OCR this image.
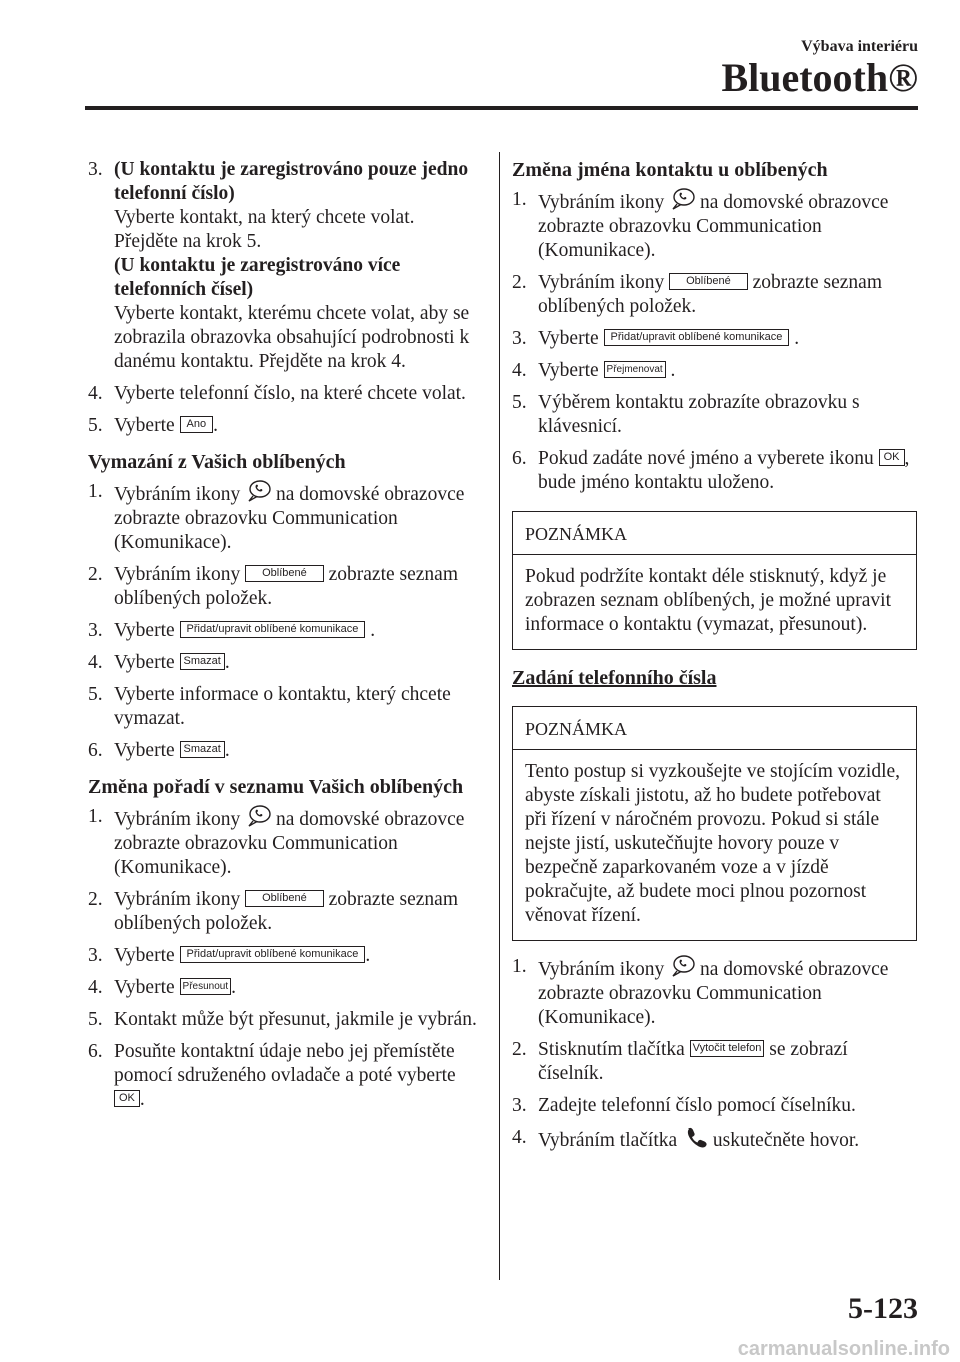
Výbava interiéru
Bluetooth®
3. (U kontaktu je zaregistrováno pouze jedno telefonní číslo)
Vyberte kontakt, na který chcete volat. Přejděte na krok 5.
(U kontaktu je zaregistrováno více telefonních čísel)
Vyberte kontakt, kterému chcete volat, aby se zobrazila obrazovka obsahující podrobnosti k danému kontaktu. Přejděte na krok 4.
4. Vyberte telefonní číslo, na které chcete volat.
5. Vyberte Ano .
Vymazání z Vašich oblíbených
1. Vybráním ikony na domovské obrazovce zobrazte obrazovku Communication (Komunikace).
2. Vybráním ikony Oblíbené zobrazte seznam oblíbených položek.
3. Vyberte Přidat/upravit oblíbené komunikace .
4. Vyberte Smazat .
5. Vyberte informace o kontaktu, který chcete vymazat.
6. Vyberte Smazat .
Změna pořadí v seznamu Vašich oblíbených
1. Vybráním ikony na domovské obrazovce zobrazte obrazovku Communication (Komunikace).
2. Vybráním ikony Oblíbené zobrazte seznam oblíbených položek.
3. Vyberte Přidat/upravit oblíbené komunikace .
4. Vyberte Přesunout .
5. Kontakt může být přesunut, jakmile je vybrán.
6. Posuňte kontaktní údaje nebo jej přemístěte pomocí sdruženého ovladače a poté vyberte OK .
Změna jména kontaktu u oblíbených
1. Vybráním ikony na domovské obrazovce zobrazte obrazovku Communication (Komunikace).
2. Vybráním ikony Oblíbené zobrazte seznam oblíbených položek.
3. Vyberte Přidat/upravit oblíbené komunikace .
4. Vyberte Přejmenovat .
5. Výběrem kontaktu zobrazíte obrazovku s klávesnicí.
6. Pokud zadáte nové jméno a vyberete ikonu OK , bude jméno kontaktu uloženo.
POZNÁMKA
Pokud podržíte kontakt déle stisknutý, když je zobrazen seznam oblíbených, je možné upravit informace o kontaktu (vymazat, přesunout).
Zadání telefonního čísla
POZNÁMKA
Tento postup si vyzkoušejte ve stojícím vozidle, abyste získali jistotu, až ho budete potřebovat při řízení v náročném provozu. Pokud si stále nejste jistí, uskutečňujte hovory pouze v bezpečně zaparkovaném voze a v jízdě pokračujte, až budete moci plnou pozornost věnovat řízení.
1. Vybráním ikony na domovské obrazovce zobrazte obrazovku Communication (Komunikace).
2. Stisknutím tlačítka Vytočit telefon se zobrazí číselník.
3. Zadejte telefonní číslo pomocí číselníku.
4. Vybráním tlačítka uskutečněte hovor.
5-123
carmanualsonline.info
